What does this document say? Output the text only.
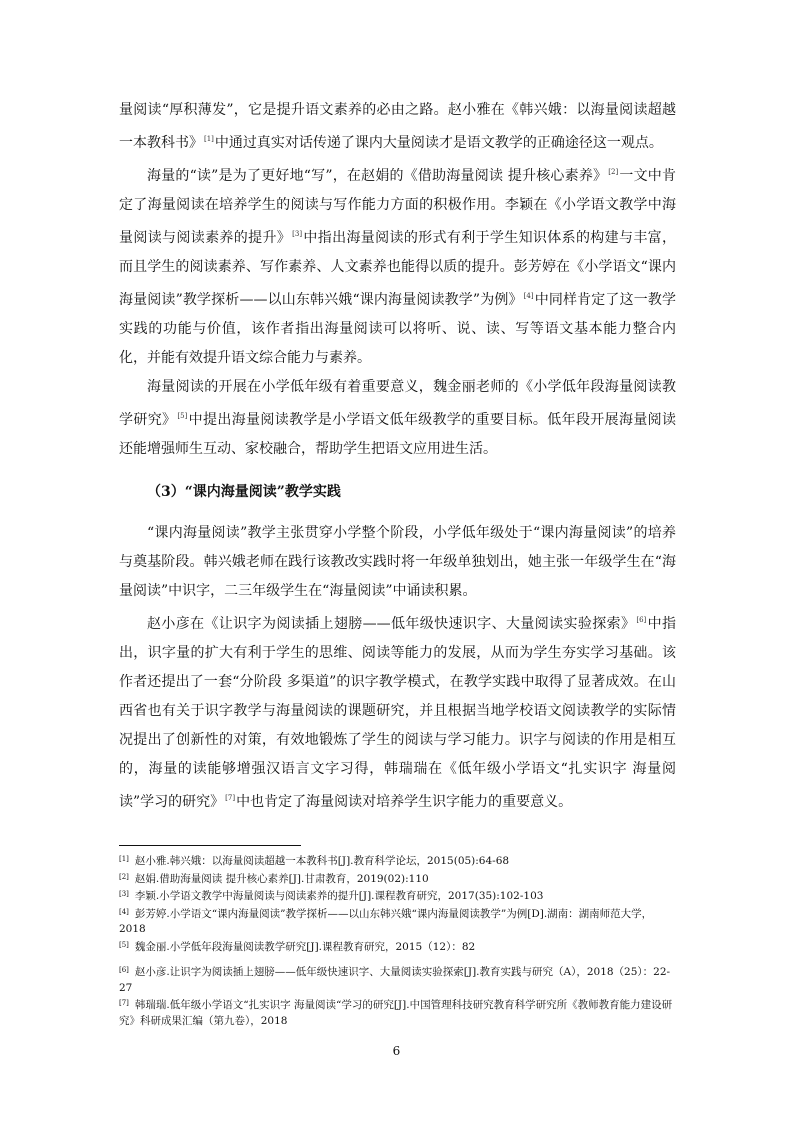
量阅读“厚积薄发”，它是提升语文素养的必由之路。赵小雅在《韩兴娥：以海量阅读超越一本教科书》[1]中通过真实对话传递了课内大量阅读才是语文教学的正确途径这一观点。

海量的“读”是为了更好地“写”，在赵娟的《借助海量阅读 提升核心素养》[2]一文中肯定了海量阅读在培养学生的阅读与写作能力方面的积极作用。李颖在《小学语文教学中海量阅读与阅读素养的提升》[3]中指出海量阅读的形式有利于学生知识体系的构建与丰富，而且学生的阅读素养、写作素养、人文素养也能得以质的提升。彭芳婷在《小学语文“课内海量阅读”教学探析——以山东韩兴娥“课内海量阅读教学”为例》[4]中同样肯定了这一教学实践的功能与价值，该作者指出海量阅读可以将听、说、读、写等语文基本能力整合内化，并能有效提升语文综合能力与素养。

海量阅读的开展在小学低年级有着重要意义，魏金丽老师的《小学低年段海量阅读教学研究》[5]中提出海量阅读教学是小学语文低年级教学的重要目标。低年段开展海量阅读还能增强师生互动、家校融合，帮助学生把语文应用进生活。

（3）“课内海量阅读”教学实践

“课内海量阅读”教学主张贯穿小学整个阶段，小学低年级处于“课内海量阅读”的培养与奠基阶段。韩兴娥老师在践行该教改实践时将一年级单独划出，她主张一年级学生在“海量阅读”中识字，二三年级学生在“海量阅读”中诵读积累。

赵小彦在《让识字为阅读插上翅膀——低年级快速识字、大量阅读实验探索》[6]中指出，识字量的扩大有利于学生的思维、阅读等能力的发展，从而为学生夯实学习基础。该作者还提出了一套“分阶段 多渠道”的识字教学模式，在教学实践中取得了显著成效。在山西省也有关于识字教学与海量阅读的课题研究，并且根据当地学校语文阅读教学的实际情况提出了创新性的对策，有效地锻炼了学生的阅读与学习能力。识字与阅读的作用是相互的，海量的读能够增强汉语言文字习得，韩瑞瑞在《低年级小学语文“扎实识字 海量阅读”学习的研究》[7]中也肯定了海量阅读对培养学生识字能力的重要意义。

[1] 赵小雅.韩兴娥：以海量阅读超越一本教科书[J].教育科学论坛，2015(05):64-68

[2] 赵娟.借助海量阅读 提升核心素养[J].甘肃教育，2019(02):110

[3] 李颖.小学语文教学中海量阅读与阅读素养的提升[J].课程教育研究，2017(35):102-103

[4] 彭芳婷.小学语文“课内海量阅读”教学探析——以山东韩兴娥“课内海量阅读教学”为例[D].湖南：湖南师范大学，2018

[5] 魏金丽.小学低年段海量阅读教学研究[J].课程教育研究，2015（12）：82

[6] 赵小彦.让识字为阅读插上翅膀——低年级快速识字、大量阅读实验探索[J].教育实践与研究（A），2018（25）：22-27

[7] 韩瑞瑞.低年级小学语文“扎实识字 海量阅读“学习的研究[J].中国管理科技研究教育科学研究所《教师教育能力建设研究》科研成果汇编（第九卷），2018

6
